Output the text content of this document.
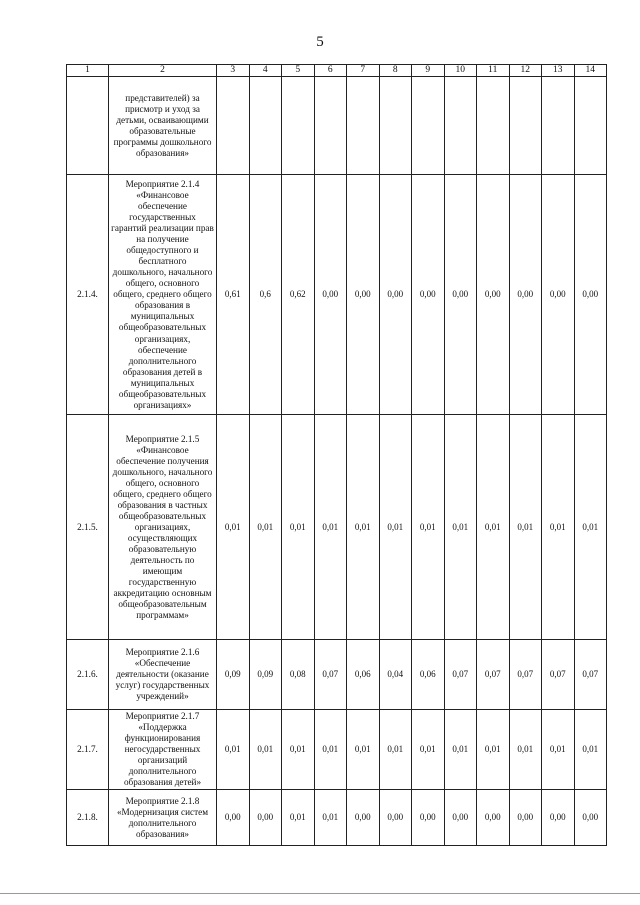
5
1	2	3	4	5	6	7	8	9	10	11	12	13	14
	представителей) за присмотр и уход за детьми, осваивающими образовательные программы дошкольного образования»												
2.1.4.	Мероприятие 2.1.4 «Финансовое обеспечение государственных гарантий реализации прав на получение общедоступного и бесплатного дошкольного, начального общего, основного общего, среднего общего образования в муниципальных общеобразовательных организациях, обеспечение дополнительного образования детей в муниципальных общеобразовательных организациях»	0,61	0,6	0,62	0,00	0,00	0,00	0,00	0,00	0,00	0,00	0,00	0,00
2.1.5.	Мероприятие 2.1.5 «Финансовое обеспечение получения дошкольного, начального общего, основного общего, среднего общего образования в частных общеобразовательных организациях, осуществляющих образовательную деятельность по имеющим государственную аккредитацию основным общеобразовательным программам»	0,01	0,01	0,01	0,01	0,01	0,01	0,01	0,01	0,01	0,01	0,01	0,01
2.1.6.	Мероприятие 2.1.6 «Обеспечение деятельности (оказание услуг) государственных учреждений»	0,09	0,09	0,08	0,07	0,06	0,04	0,06	0,07	0,07	0,07	0,07	0,07
2.1.7.	Мероприятие 2.1.7 «Поддержка функционирования негосударственных организаций дополнительного образования детей»	0,01	0,01	0,01	0,01	0,01	0,01	0,01	0,01	0,01	0,01	0,01	0,01
2.1.8.	Мероприятие 2.1.8 «Модернизация систем дополнительного образования»	0,00	0,00	0,01	0,01	0,00	0,00	0,00	0,00	0,00	0,00	0,00	0,00
